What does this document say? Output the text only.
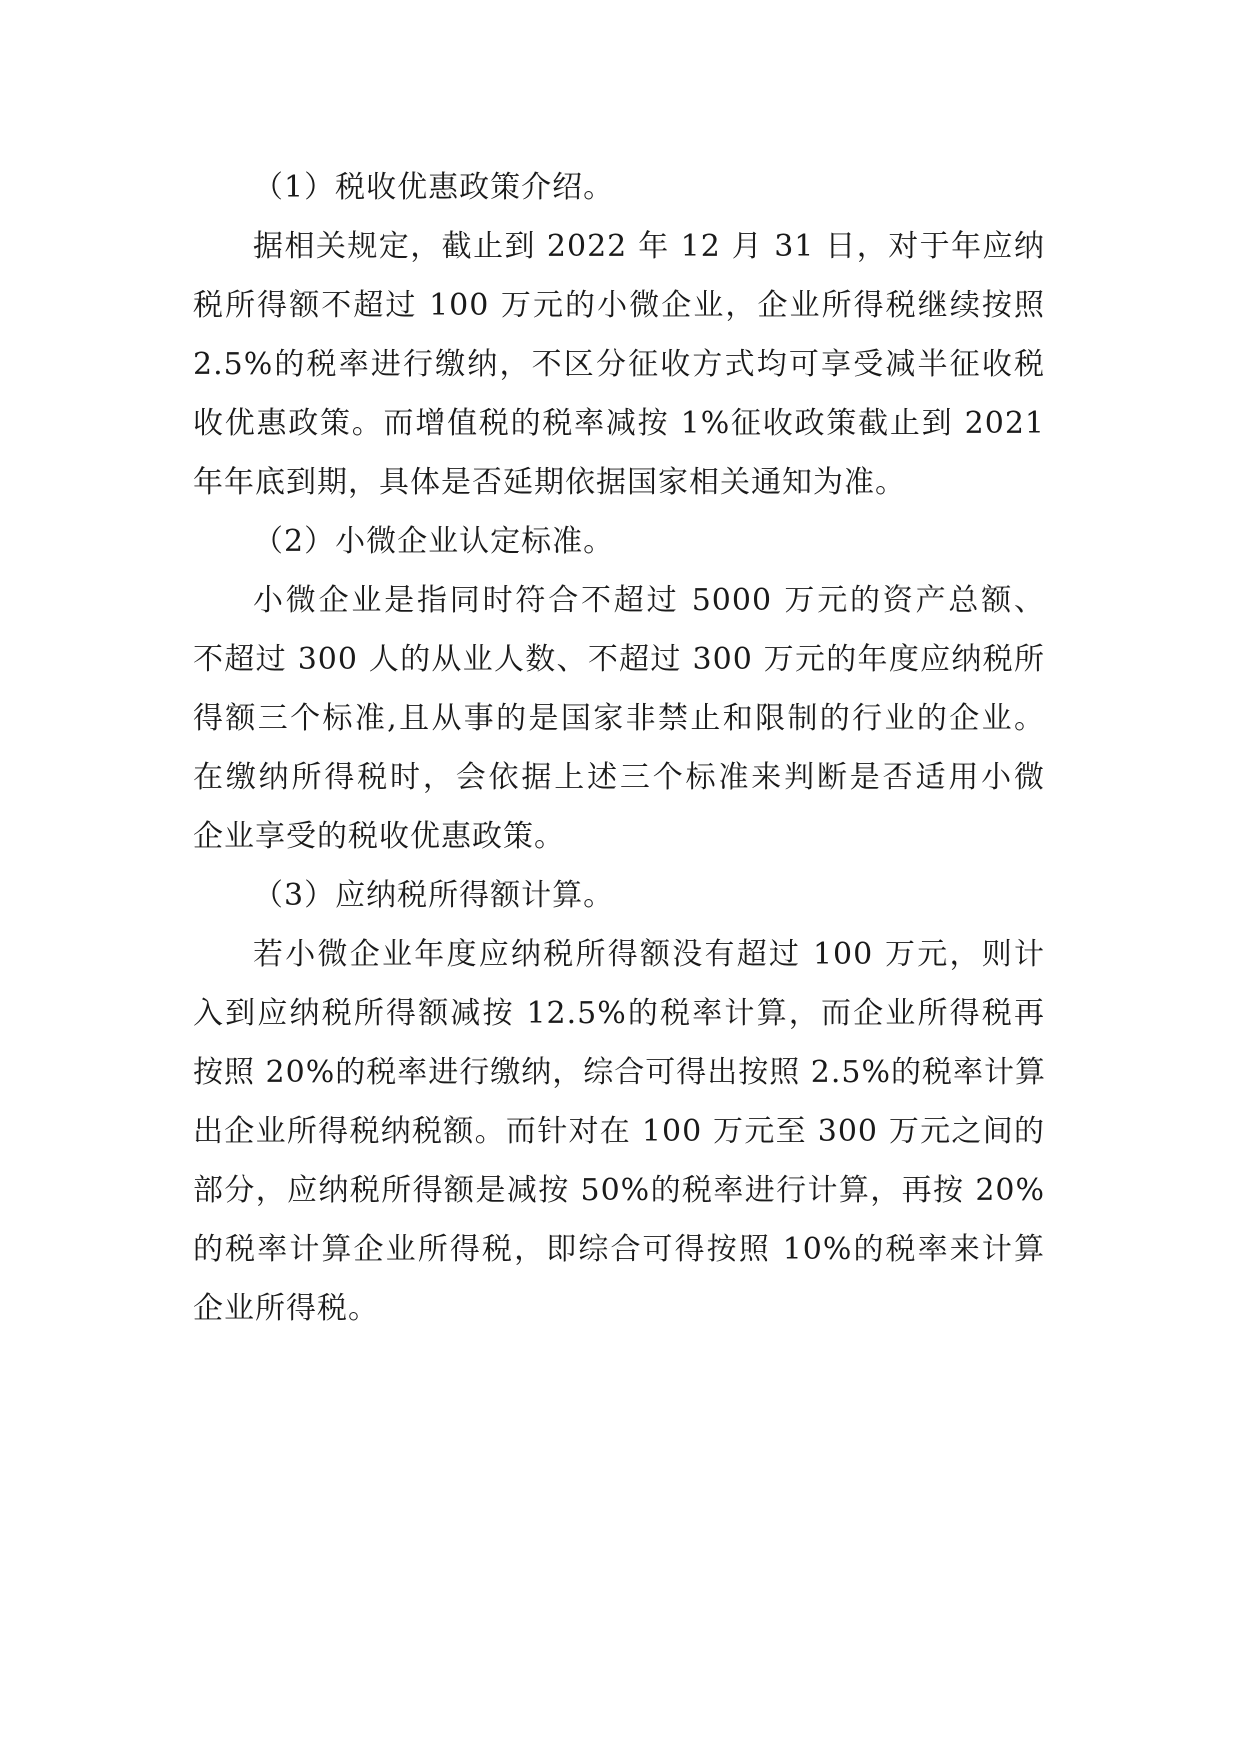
（1）税收优惠政策介绍。

据相关规定，截止到 2022 年 12 月 31 日，对于年应纳
税所得额不超过 100 万元的小微企业，企业所得税继续按照
2.5%的税率进行缴纳，不区分征收方式均可享受减半征收税
收优惠政策。而增值税的税率减按 1%征收政策截止到 2021
年年底到期，具体是否延期依据国家相关通知为准。

（2）小微企业认定标准。

小微企业是指同时符合不超过 5000 万元的资产总额、
不超过 300 人的从业人数、不超过 300 万元的年度应纳税所
得额三个标准,且从事的是国家非禁止和限制的行业的企业。
在缴纳所得税时，会依据上述三个标准来判断是否适用小微
企业享受的税收优惠政策。

（3）应纳税所得额计算。

若小微企业年度应纳税所得额没有超过 100 万元，则计
入到应纳税所得额减按 12.5%的税率计算，而企业所得税再
按照 20%的税率进行缴纳，综合可得出按照 2.5%的税率计算
出企业所得税纳税额。而针对在 100 万元至 300 万元之间的
部分，应纳税所得额是减按 50%的税率进行计算，再按 20%
的税率计算企业所得税，即综合可得按照 10%的税率来计算
企业所得税。
